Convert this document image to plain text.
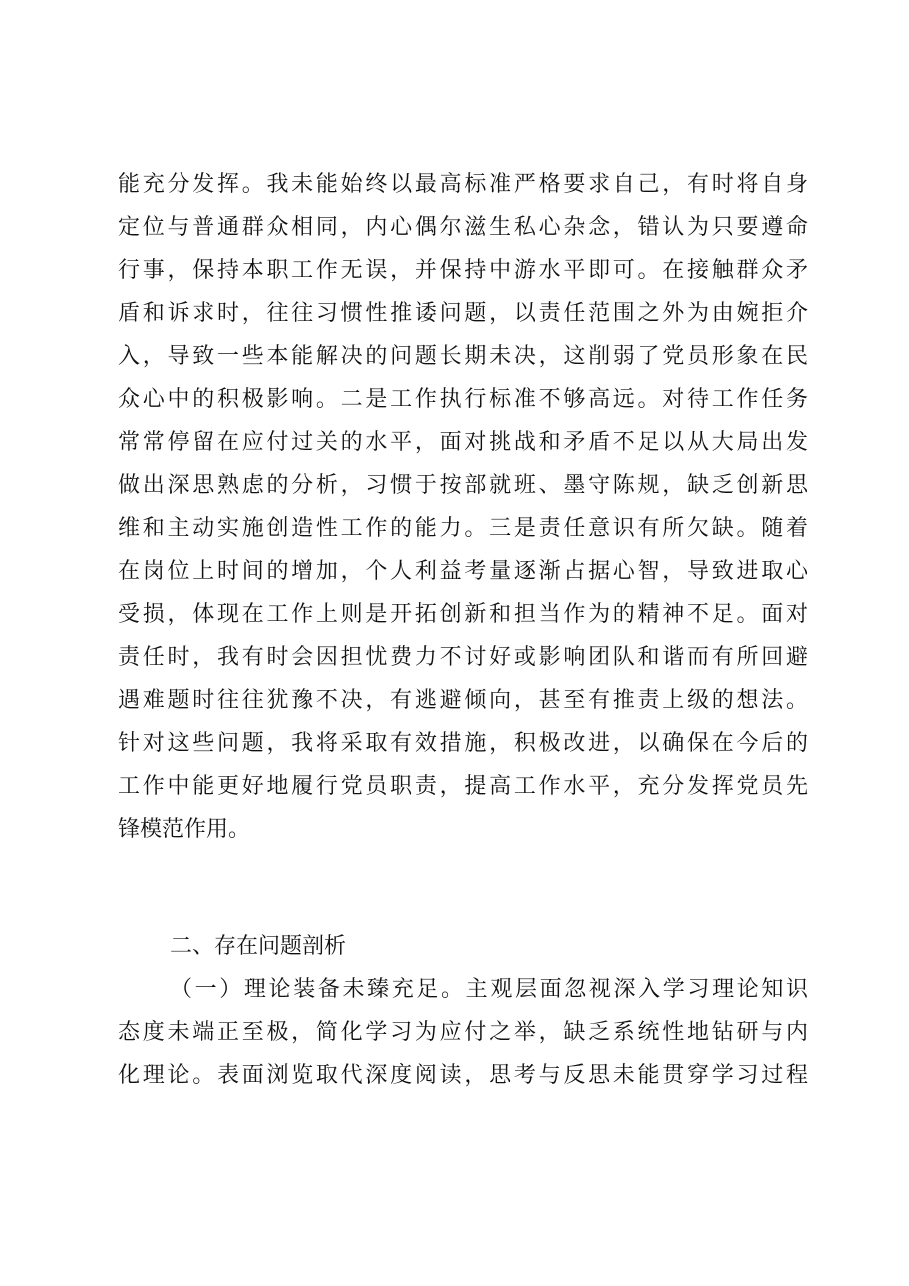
能充分发挥。我未能始终以最高标准严格要求自己，有时将自身
定位与普通群众相同，内心偶尔滋生私心杂念，错认为只要遵命
行事，保持本职工作无误，并保持中游水平即可。在接触群众矛
盾和诉求时，往往习惯性推诿问题，以责任范围之外为由婉拒介
入，导致一些本能解决的问题长期未决，这削弱了党员形象在民
众心中的积极影响。二是工作执行标准不够高远。对待工作任务
常常停留在应付过关的水平，面对挑战和矛盾不足以从大局出发
做出深思熟虑的分析，习惯于按部就班、墨守陈规，缺乏创新思
维和主动实施创造性工作的能力。三是责任意识有所欠缺。随着
在岗位上时间的增加，个人利益考量逐渐占据心智，导致进取心
受损，体现在工作上则是开拓创新和担当作为的精神不足。面对
责任时，我有时会因担忧费力不讨好或影响团队和谐而有所回避
遇难题时往往犹豫不决，有逃避倾向，甚至有推责上级的想法。
针对这些问题，我将采取有效措施，积极改进，以确保在今后的
工作中能更好地履行党员职责，提高工作水平，充分发挥党员先
锋模范作用。
二、存在问题剖析
（一）理论装备未臻充足。主观层面忽视深入学习理论知识
态度未端正至极，简化学习为应付之举，缺乏系统性地钻研与内
化理论。表面浏览取代深度阅读，思考与反思未能贯穿学习过程
